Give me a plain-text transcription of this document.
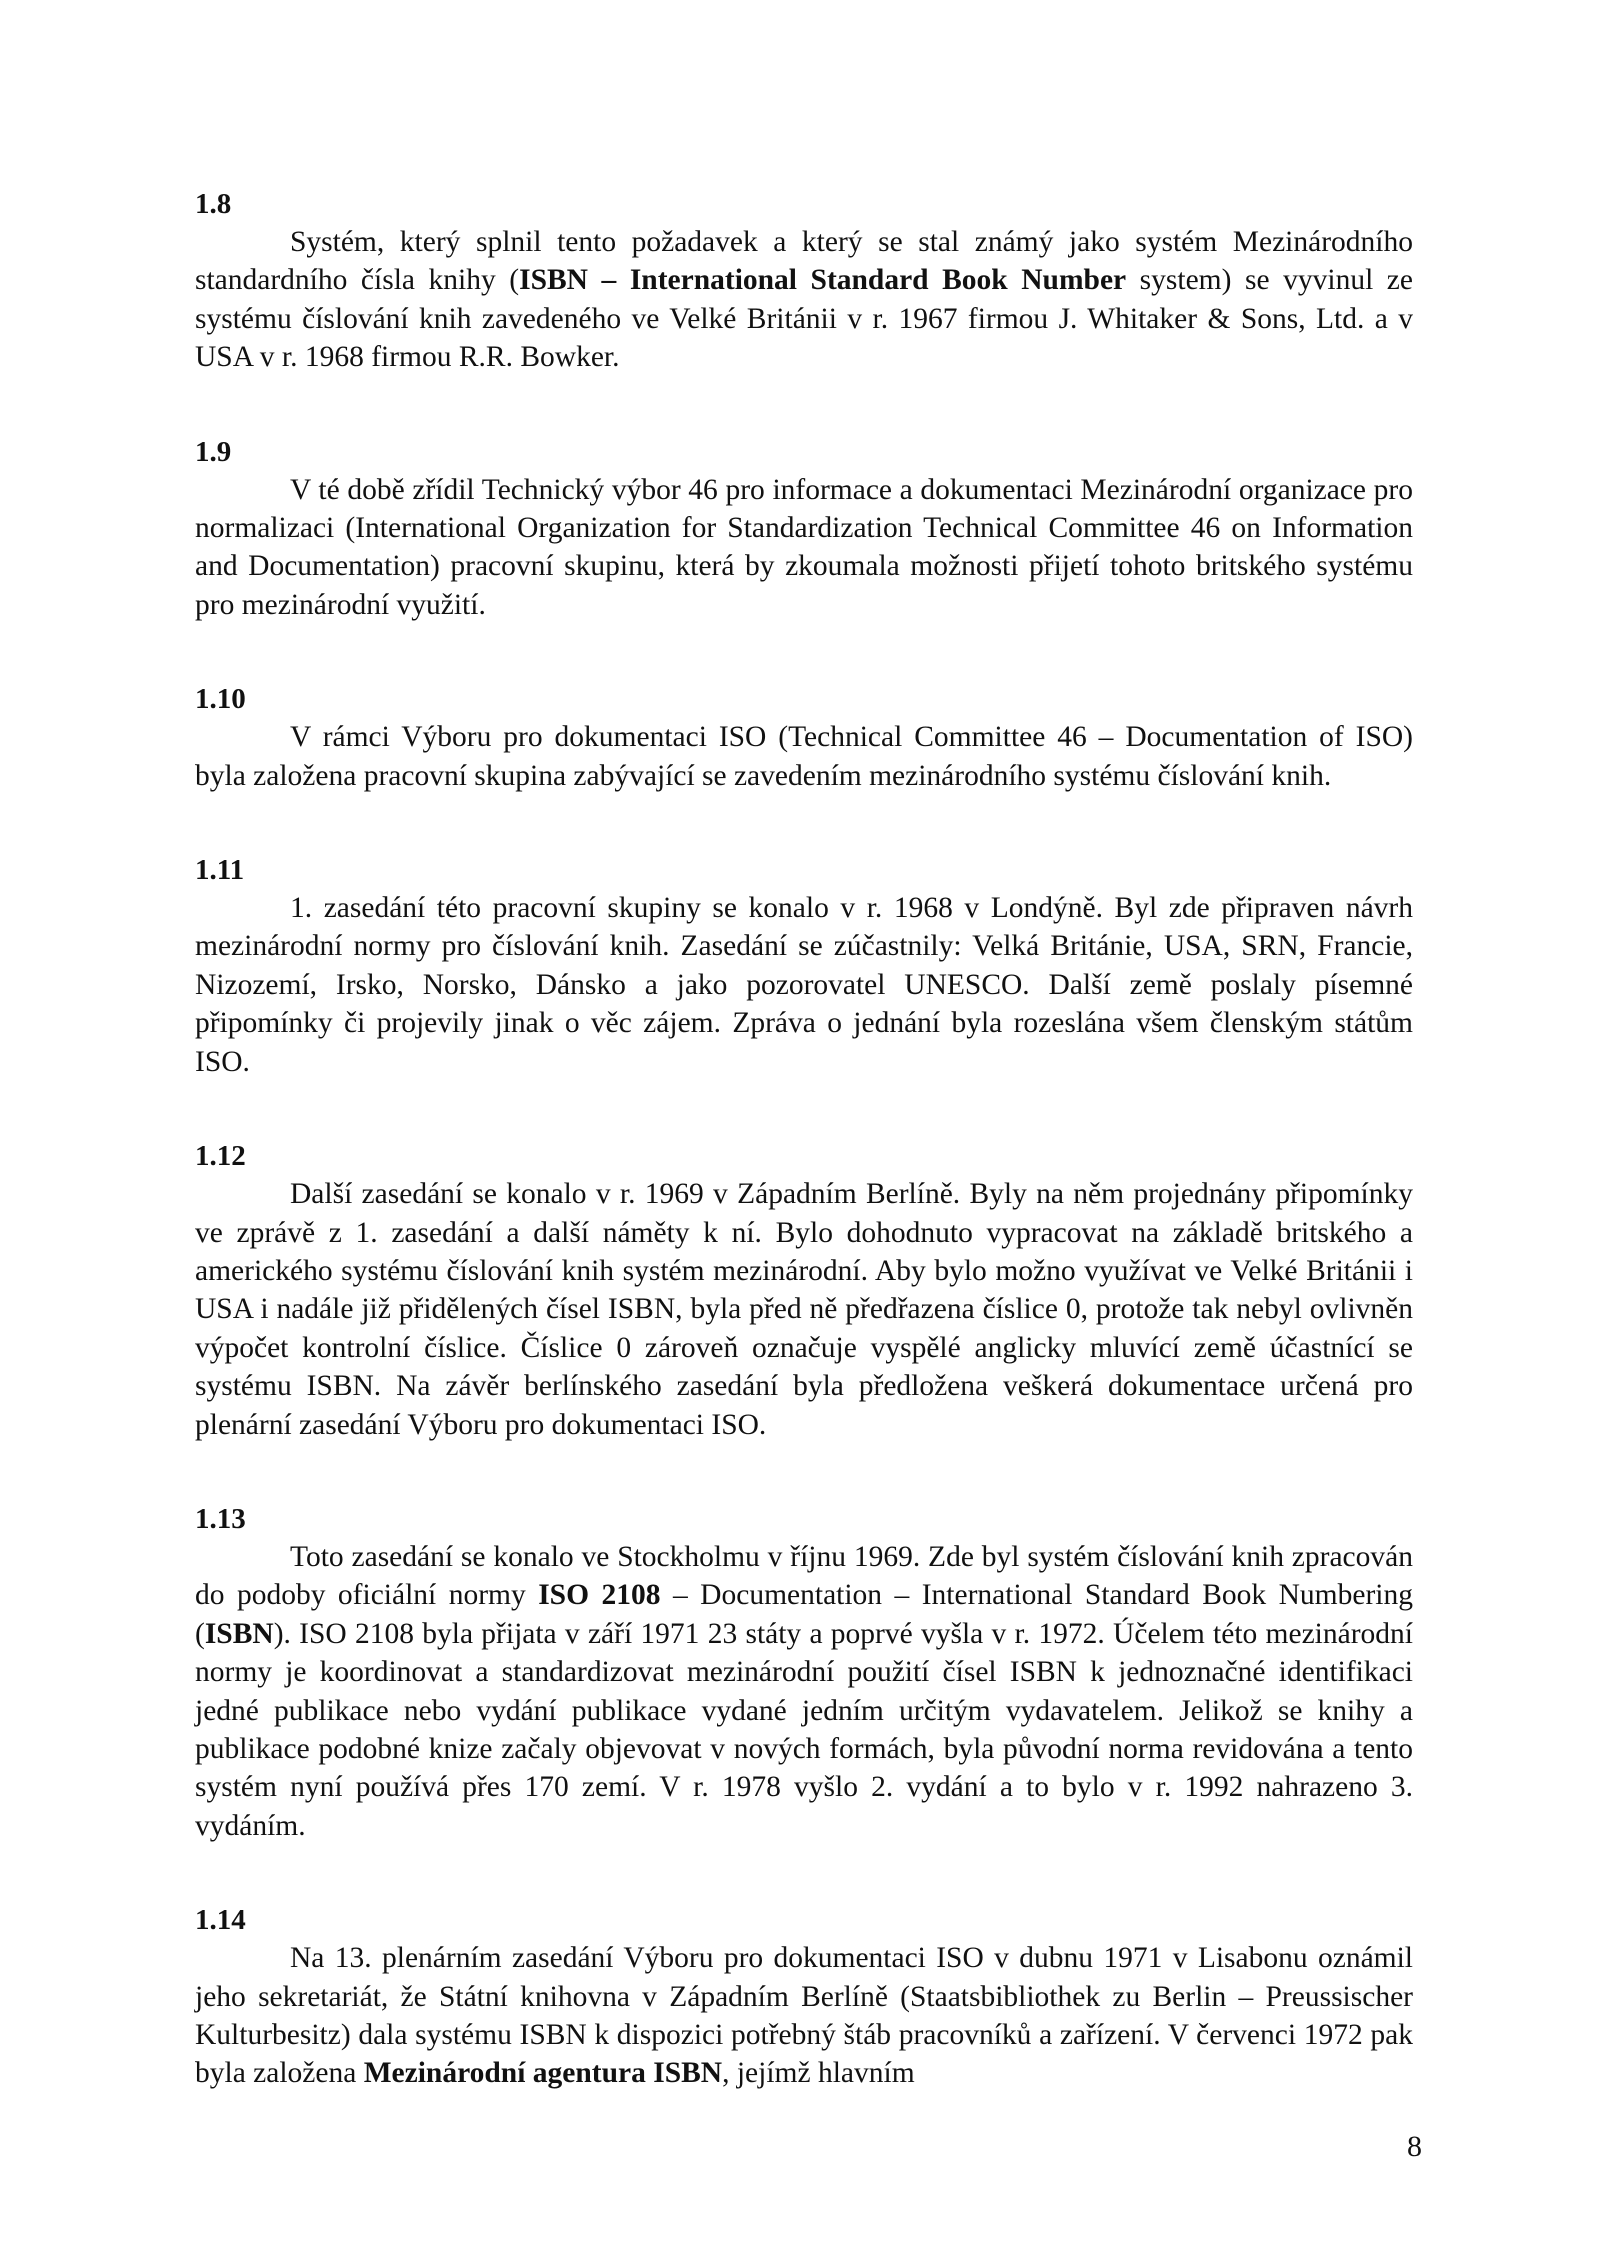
1.8

Systém, který splnil tento požadavek a který se stal známý jako systém Mezinárodního standardního čísla knihy (ISBN – International Standard Book Number system) se vyvinul ze systému číslování knih zavedeného ve Velké Británii v r. 1967 firmou J. Whitaker & Sons, Ltd. a v USA v r. 1968 firmou R.R. Bowker.

1.9

V té době zřídil Technický výbor 46 pro informace a dokumentaci Mezinárodní organizace pro normalizaci (International Organization for Standardization Technical Committee 46 on Information and Documentation) pracovní skupinu, která by zkoumala možnosti přijetí tohoto britského systému pro mezinárodní využití.

1.10

V rámci Výboru pro dokumentaci ISO (Technical Committee 46 – Documentation of ISO) byla založena pracovní skupina zabývající se zavedením mezinárodního systému číslování knih.

1.11

1. zasedání této pracovní skupiny se konalo v r. 1968 v Londýně. Byl zde připraven návrh mezinárodní normy pro číslování knih. Zasedání se zúčastnily: Velká Británie, USA, SRN, Francie, Nizozemí, Irsko, Norsko, Dánsko a jako pozorovatel UNESCO. Další země poslaly písemné připomínky či projevily jinak o věc zájem. Zpráva o jednání byla rozeslána všem členským státům ISO.

1.12

Další zasedání se konalo v r. 1969 v Západním Berlíně. Byly na něm projednány připomínky ve zprávě z 1. zasedání a další náměty k ní. Bylo dohodnuto vypracovat na základě britského a amerického systému číslování knih systém mezinárodní. Aby bylo možno využívat ve Velké Británii i USA i nadále již přidělených čísel ISBN, byla před ně předřazena číslice 0, protože tak nebyl ovlivněn výpočet kontrolní číslice. Číslice 0 zároveň označuje vyspělé anglicky mluvící země účastnící se systému ISBN. Na závěr berlínského zasedání byla předložena veškerá dokumentace určená pro plenární zasedání Výboru pro dokumentaci ISO.

1.13

Toto zasedání se konalo ve Stockholmu v říjnu 1969. Zde byl systém číslování knih zpracován do podoby oficiální normy ISO 2108 – Documentation – International Standard Book Numbering (ISBN). ISO 2108 byla přijata v září 1971 23 státy a poprvé vyšla v r. 1972. Účelem této mezinárodní normy je koordinovat a standardizovat mezinárodní použití čísel ISBN k jednoznačné identifikaci jedné publikace nebo vydání publikace vydané jedním určitým vydavatelem. Jelikož se knihy a publikace podobné knize začaly objevovat v nových formách, byla původní norma revidována a tento systém nyní používá přes 170 zemí. V r. 1978 vyšlo 2. vydání a to bylo v r. 1992 nahrazeno 3. vydáním.

1.14

Na 13. plenárním zasedání Výboru pro dokumentaci ISO v dubnu 1971 v Lisabonu oznámil jeho sekretariát, že Státní knihovna v Západním Berlíně (Staatsbibliothek zu Berlin – Preussischer Kulturbesitz) dala systému ISBN k dispozici potřebný štáb pracovníků a zařízení. V červenci 1972 pak byla založena Mezinárodní agentura ISBN, jejímž hlavním

8
